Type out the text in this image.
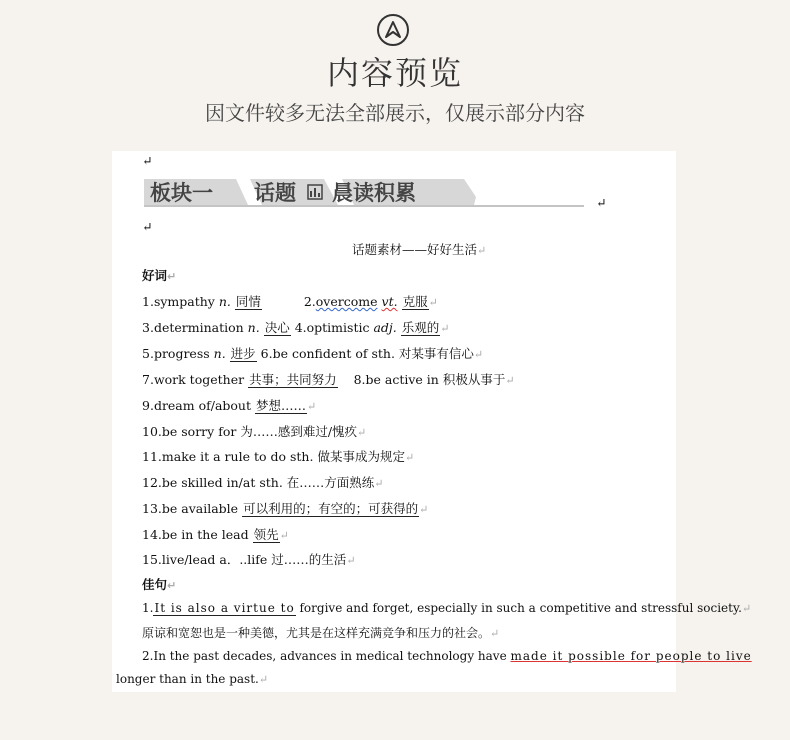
内容预览
因文件较多无法全部展示，仅展示部分内容
↵
板块一 话题 晨读积累	↵
↵
话题素材——好好生活↵
好词↵
1.sympathy n. 同情	2.overcome vt. 克服↵
3.determination n. 决心 4.optimistic adj. 乐观的↵
5.progress n. 进步 6.be confident of sth. 对某事有信心↵
7.work together 共事；共同努力 8.be active in 积极从事于↵
9.dream of/about 梦想……↵
10.be sorry for 为……感到难过/愧疚↵
11.make it a rule to do sth. 做某事成为规定↵
12.be skilled in/at sth. 在……方面熟练↵
13.be available 可以利用的；有空的；可获得的↵
14.be in the lead 领先↵
15.live/lead a．..life 过……的生活↵
佳句↵
1.It is also a virtue to forgive and forget, especially in such a competitive and stressful society.↵
原谅和宽恕也是一种美德，尤其是在这样充满竞争和压力的社会。↵
2.In the past decades, advances in medical technology have made it possible for people to live
longer than in the past.↵
